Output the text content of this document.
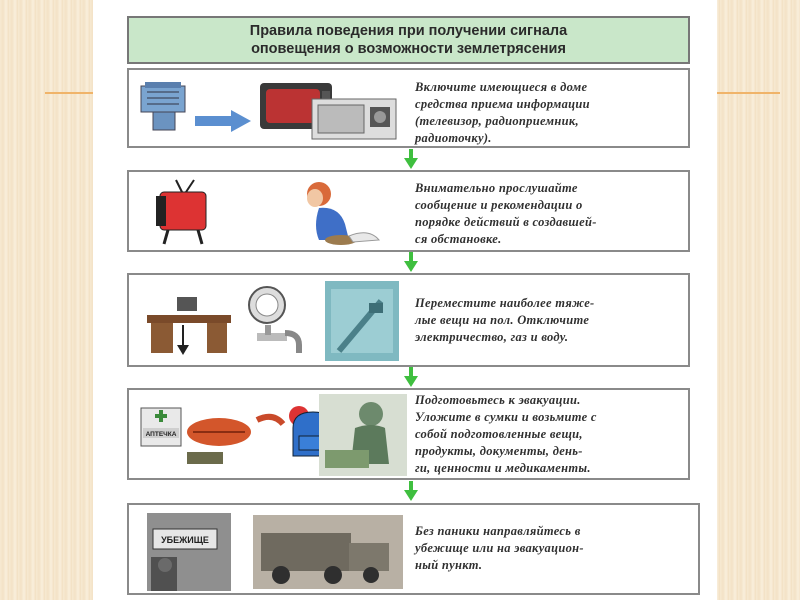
Правила поведения при получении сигнала
оповещения о возможности землетрясения
Включите имеющиеся в доме
средства приема информации
(телевизор, радиоприемник,
радиоточку).
Внимательно прослушайте
сообщение и рекомендации о
порядке действий в создавшей-
ся обстановке.
Переместите наиболее тяже-
лые вещи на пол. Отключите
электричество, газ и воду.
АПТЕЧКА
Подготовьтесь к эвакуации.
Уложите в сумки и возьмите с
собой подготовленные вещи,
продукты, документы, день-
ги, ценности и медикаменты.
УБЕЖИЩЕ
Без паники направляйтесь в
убежище или на эвакуацион-
ный пункт.
